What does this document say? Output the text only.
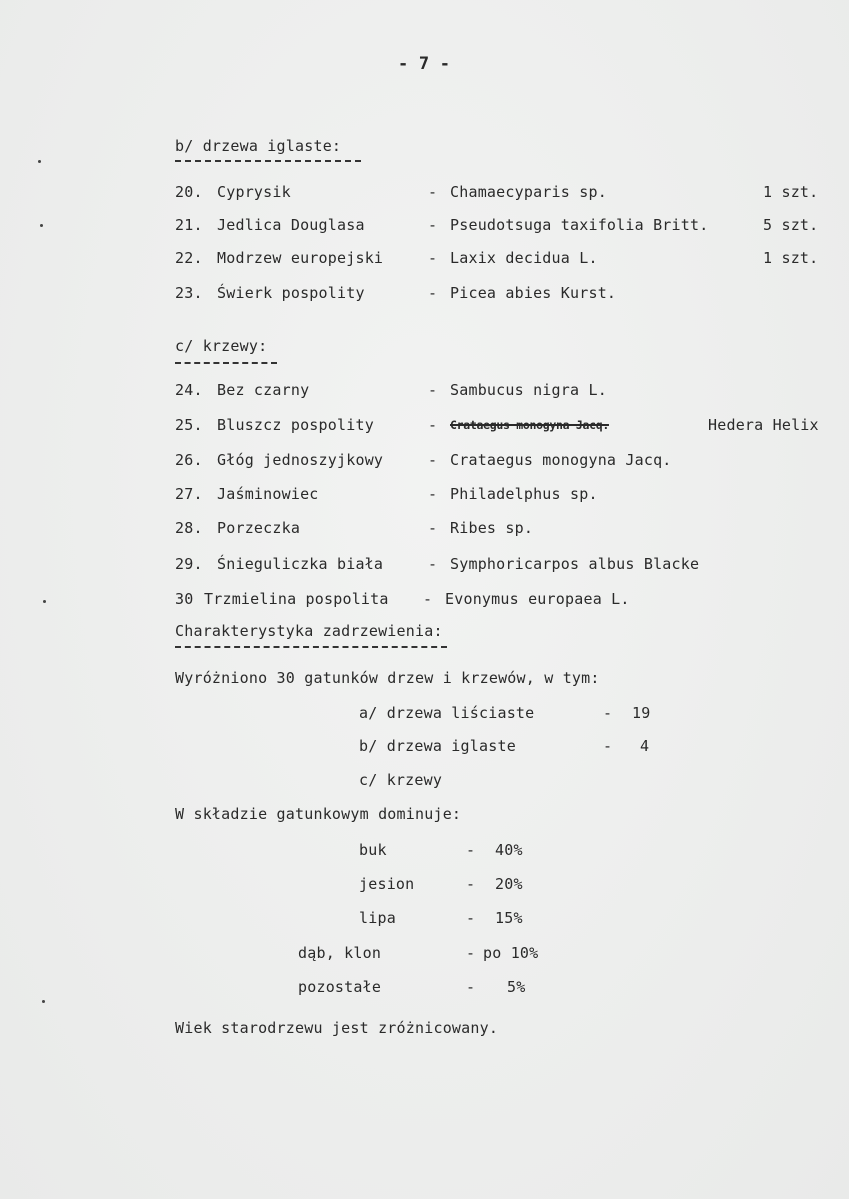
- 7 -
b/ drzewa iglaste:
20. Cyprysik	- Chamaecyparis sp.	1 szt.
21. Jedlica Douglasa	- Pseudotsuga taxifolia Britt.	5 szt.
22. Modrzew europejski	- Laxix decidua L.	1 szt.
23. Świerk pospolity	- Picea abies Kurst.
c/ krzewy:
24. Bez czarny	- Sambucus nigra L.
25. Bluszcz pospolity	- Crataegus monogyna Jacq.	Hedera Helix
26. Głóg jednoszyjkowy	- Crataegus monogyna Jacq.
27. Jaśminowiec	- Philadelphus sp.
28. Porzeczka	- Ribes sp.
29. Śnieguliczka biała	- Symphoricarpos albus Blacke
30 Trzmielina pospolita - Evonymus europaea L.
Charakterystyka zadrzewienia:
Wyróżniono 30 gatunków drzew i krzewów, w tym:
a/ drzewa liściaste	- 19
b/ drzewa iglaste	- 4
c/ krzewy
W składzie gatunkowym dominuje:
buk	- 40%
jesion	- 20%
lipa	- 15%
dąb, klon	- po 10%
pozostałe	- 5%
Wiek starodrzewu jest zróżnicowany.
